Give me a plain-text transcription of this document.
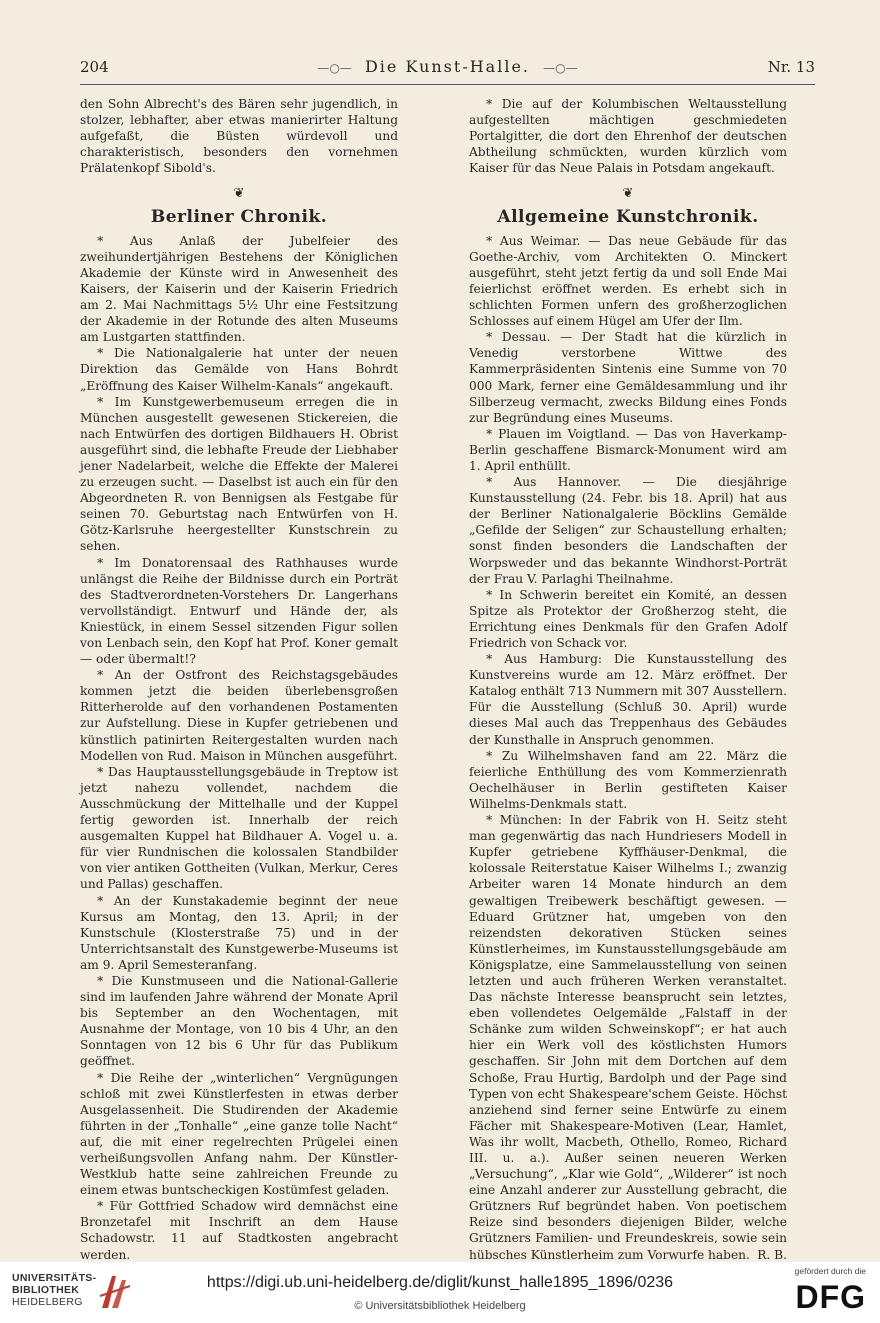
204	—○— Die Kunst-Halle. —○—	Nr. 13

den Sohn Albrecht's des Bären sehr jugendlich, in stolzer, lebhafter, aber etwas manierirter Haltung aufgefaßt, die Büsten würdevoll und charakteristisch, besonders den vornehmen Prälatenkopf Sibold's.

❦
Berliner Chronik.

* Aus Anlaß der Jubelfeier des zweihundertjährigen Bestehens der Königlichen Akademie der Künste wird in Anwesenheit des Kaisers, der Kaiserin und der Kaiserin Friedrich am 2. Mai Nachmittags 5½ Uhr eine Festsitzung der Akademie in der Rotunde des alten Museums am Lustgarten stattfinden.

* Die Nationalgalerie hat unter der neuen Direktion das Gemälde von Hans Bohrdt „Eröffnung des Kaiser Wilhelm-Kanals“ angekauft.

* Im Kunstgewerbemuseum erregen die in München ausgestellt gewesenen Stickereien, die nach Entwürfen des dortigen Bildhauers H. Obrist ausgeführt sind, die lebhafte Freude der Liebhaber jener Nadelarbeit, welche die Effekte der Malerei zu erzeugen sucht. — Daselbst ist auch ein für den Abgeordneten R. von Bennigsen als Festgabe für seinen 70. Geburtstag nach Entwürfen von H. Götz-Karlsruhe heergestellter Kunstschrein zu sehen.

* Im Donatorensaal des Rathhauses wurde unlängst die Reihe der Bildnisse durch ein Porträt des Stadtverordneten-Vorstehers Dr. Langerhans vervollständigt. Entwurf und Hände der, als Kniestück, in einem Sessel sitzenden Figur sollen von Lenbach sein, den Kopf hat Prof. Koner gemalt — oder übermalt!?

* An der Ostfront des Reichstagsgebäudes kommen jetzt die beiden überlebensgroßen Ritterherolde auf den vorhandenen Postamenten zur Aufstellung. Diese in Kupfer getriebenen und künstlich patinirten Reitergestalten wurden nach Modellen von Rud. Maison in München ausgeführt.

* Das Hauptausstellungsgebäude in Treptow ist jetzt nahezu vollendet, nachdem die Ausschmückung der Mittelhalle und der Kuppel fertig geworden ist. Innerhalb der reich ausgemalten Kuppel hat Bildhauer A. Vogel u. a. für vier Rundnischen die kolossalen Standbilder von vier antiken Gottheiten (Vulkan, Merkur, Ceres und Pallas) geschaffen.

* An der Kunstakademie beginnt der neue Kursus am Montag, den 13. April; in der Kunstschule (Klosterstraße 75) und in der Unterrichtsanstalt des Kunstgewerbe-Museums ist am 9. April Semesteranfang.

* Die Kunstmuseen und die National-Gallerie sind im laufenden Jahre während der Monate April bis September an den Wochentagen, mit Ausnahme der Montage, von 10 bis 4 Uhr, an den Sonntagen von 12 bis 6 Uhr für das Publikum geöffnet.

* Die Reihe der „winterlichen“ Vergnügungen schloß mit zwei Künstlerfesten in etwas derber Ausgelassenheit. Die Studirenden der Akademie führten in der „Tonhalle“ „eine ganze tolle Nacht“ auf, die mit einer regelrechten Prügelei einen verheißungsvollen Anfang nahm. Der Künstler-Westklub hatte seine zahlreichen Freunde zu einem etwas buntscheckigen Kostümfest geladen.

* Für Gottfried Schadow wird demnächst eine Bronzetafel mit Inschrift an dem Hause Schadowstr. 11 auf Stadtkosten angebracht werden.

* Die auf der Kolumbischen Weltausstellung aufgestellten mächtigen geschmiedeten Portalgitter, die dort den Ehrenhof der deutschen Abtheilung schmückten, wurden kürzlich vom Kaiser für das Neue Palais in Potsdam angekauft.

❦
Allgemeine Kunstchronik.

* Aus Weimar. — Das neue Gebäude für das Goethe-Archiv, vom Architekten O. Minckert ausgeführt, steht jetzt fertig da und soll Ende Mai feierlichst eröffnet werden. Es erhebt sich in schlichten Formen unfern des großherzoglichen Schlosses auf einem Hügel am Ufer der Ilm.

* Dessau. — Der Stadt hat die kürzlich in Venedig verstorbene Wittwe des Kammerpräsidenten Sintenis eine Summe von 70 000 Mark, ferner eine Gemäldesammlung und ihr Silberzeug vermacht, zwecks Bildung eines Fonds zur Begründung eines Museums.

* Plauen im Voigtland. — Das von Haverkamp-Berlin geschaffene Bismarck-Monument wird am 1. April enthüllt.

* Aus Hannover. — Die diesjährige Kunstausstellung (24. Febr. bis 18. April) hat aus der Berliner Nationalgalerie Böcklins Gemälde „Gefilde der Seligen“ zur Schaustellung erhalten; sonst finden besonders die Landschaften der Worpsweder und das bekannte Windhorst-Porträt der Frau V. Parlaghi Theilnahme.

* In Schwerin bereitet ein Komité, an dessen Spitze als Protektor der Großherzog steht, die Errichtung eines Denkmals für den Grafen Adolf Friedrich von Schack vor.

* Aus Hamburg: Die Kunstausstellung des Kunstvereins wurde am 12. März eröffnet. Der Katalog enthält 713 Nummern mit 307 Ausstellern. Für die Ausstellung (Schluß 30. April) wurde dieses Mal auch das Treppenhaus des Gebäudes der Kunsthalle in Anspruch genommen.

* Zu Wilhelmshaven fand am 22. März die feierliche Enthüllung des vom Kommerzienrath Oechelhäuser in Berlin gestifteten Kaiser Wilhelms-Denkmals statt.

* München: In der Fabrik von H. Seitz steht man gegenwärtig das nach Hundriesers Modell in Kupfer getriebene Kyffhäuser-Denkmal, die kolossale Reiterstatue Kaiser Wilhelms I.; zwanzig Arbeiter waren 14 Monate hindurch an dem gewaltigen Treibewerk beschäftigt gewesen. — Eduard Grützner hat, umgeben von den reizendsten dekorativen Stücken seines Künstlerheimes, im Kunstausstellungsgebäude am Königsplatze, eine Sammelausstellung von seinen letzten und auch früheren Werken veranstaltet. Das nächste Interesse beansprucht sein letztes, eben vollendetes Oelgemälde „Falstaff in der Schänke zum wilden Schweinskopf“; er hat auch hier ein Werk voll des köstlichsten Humors geschaffen. Sir John mit dem Dortchen auf dem Schoße, Frau Hurtig, Bardolph und der Page sind Typen von echt Shakespeare'schem Geiste. Höchst anziehend sind ferner seine Entwürfe zu einem Fächer mit Shakespeare-Motiven (Lear, Hamlet, Was ihr wollt, Macbeth, Othello, Romeo, Richard III. u. a.). Außer seinen neueren Werken „Versuchung“, „Klar wie Gold“, „Wilderer“ ist noch eine Anzahl anderer zur Ausstellung gebracht, die Grützners Ruf begründet haben. Von poetischem Reize sind besonders diejenigen Bilder, welche Grützners Familien- und Freundeskreis, sowie sein hübsches Künstlerheim zum Vorwurfe haben. R. B.
UNIVERSITÄTS-
BIBLIOTHEK
HEIDELBERG
https://digi.ub.uni-heidelberg.de/diglit/kunst_halle1895_1896/0236
© Universitätsbibliothek Heidelberg
gefördert durch die
DFG
